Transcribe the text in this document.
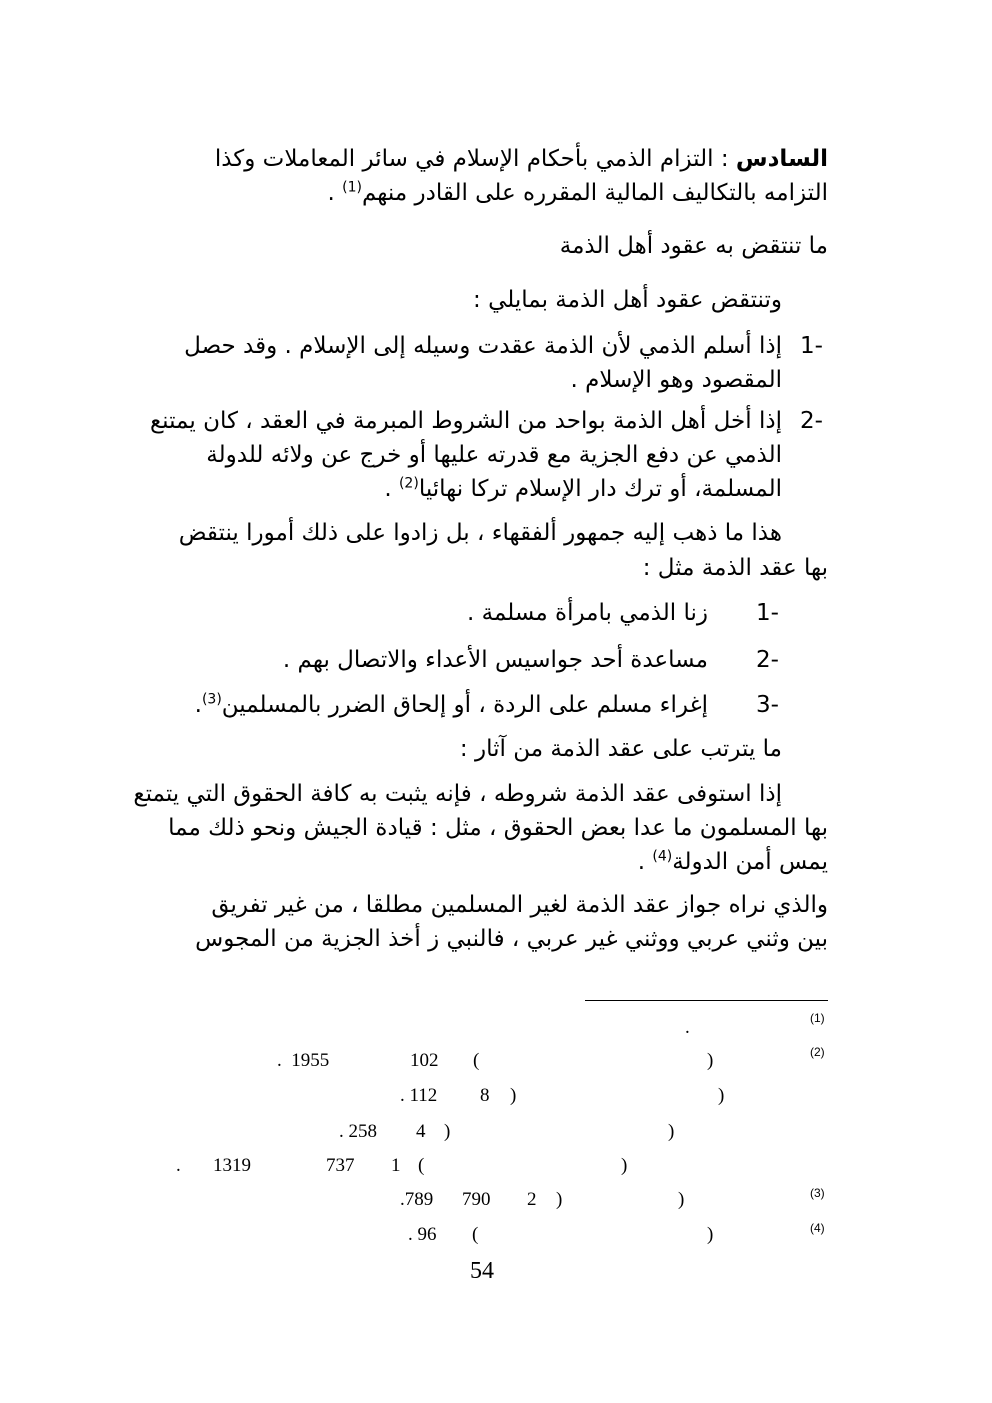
السادس : التزام الذمي بأحكام الإسلام في سائر المعاملات وكذا
التزامه بالتكاليف المالية المقرره على القادر منهم$^{(1)}$ .
ما تنتقض به عقود أهل الذمة
وتنتقض عقود أهل الذمة بمايلي :
1-
إذا أسلم الذمي لأن الذمة عقدت وسيله إلى الإسلام . وقد حصل
المقصود وهو الإسلام .
2-
إذا أخل أهل الذمة بواحد من الشروط المبرمة في العقد ، كان يمتنع
الذمي عن دفع الجزية مع قدرته عليها أو خرج عن ولائه للدولة
المسلمة، أو ترك دار الإسلام تركا نهائيا$^{(2)}$ .
هذا ما ذهب إليه جمهور ألفقهاء ، بل زادوا على ذلك أمورا ينتقض
بها عقد الذمة مثل :
1-
زنا الذمي بامرأة مسلمة .
2-
مساعدة أحد جواسيس الأعداء والاتصال بهم .
3-
إغراء مسلم على الردة ، أو إلحاق الضرر بالمسلمين$^{(3)}$.
ما يترتب على عقد الذمة من آثار :
إذا استوفى عقد الذمة شروطه ، فإنه يثبت به كافة الحقوق التي يتمتع
بها المسلمون ما عدا بعض الحقوق ، مثل : قيادة الجيش ونحو ذلك مما
يمس أمن الدولة$^{(4)}$ .
والذي نراه جواز عقد الذمة لغير المسلمين مطلقا ، من غير تفريق
بين وثني عربي ووثني غير عربي ، فالنبي ز أخذ الجزية من المجوس
(1)
.
(2)
.  1955	102 (	)
. 112 8 )	)
. 258 4 )	)
. 1319	737 1 (	)
(3)
.789 790 2 )	)
(4)
. 96 (	)
54
